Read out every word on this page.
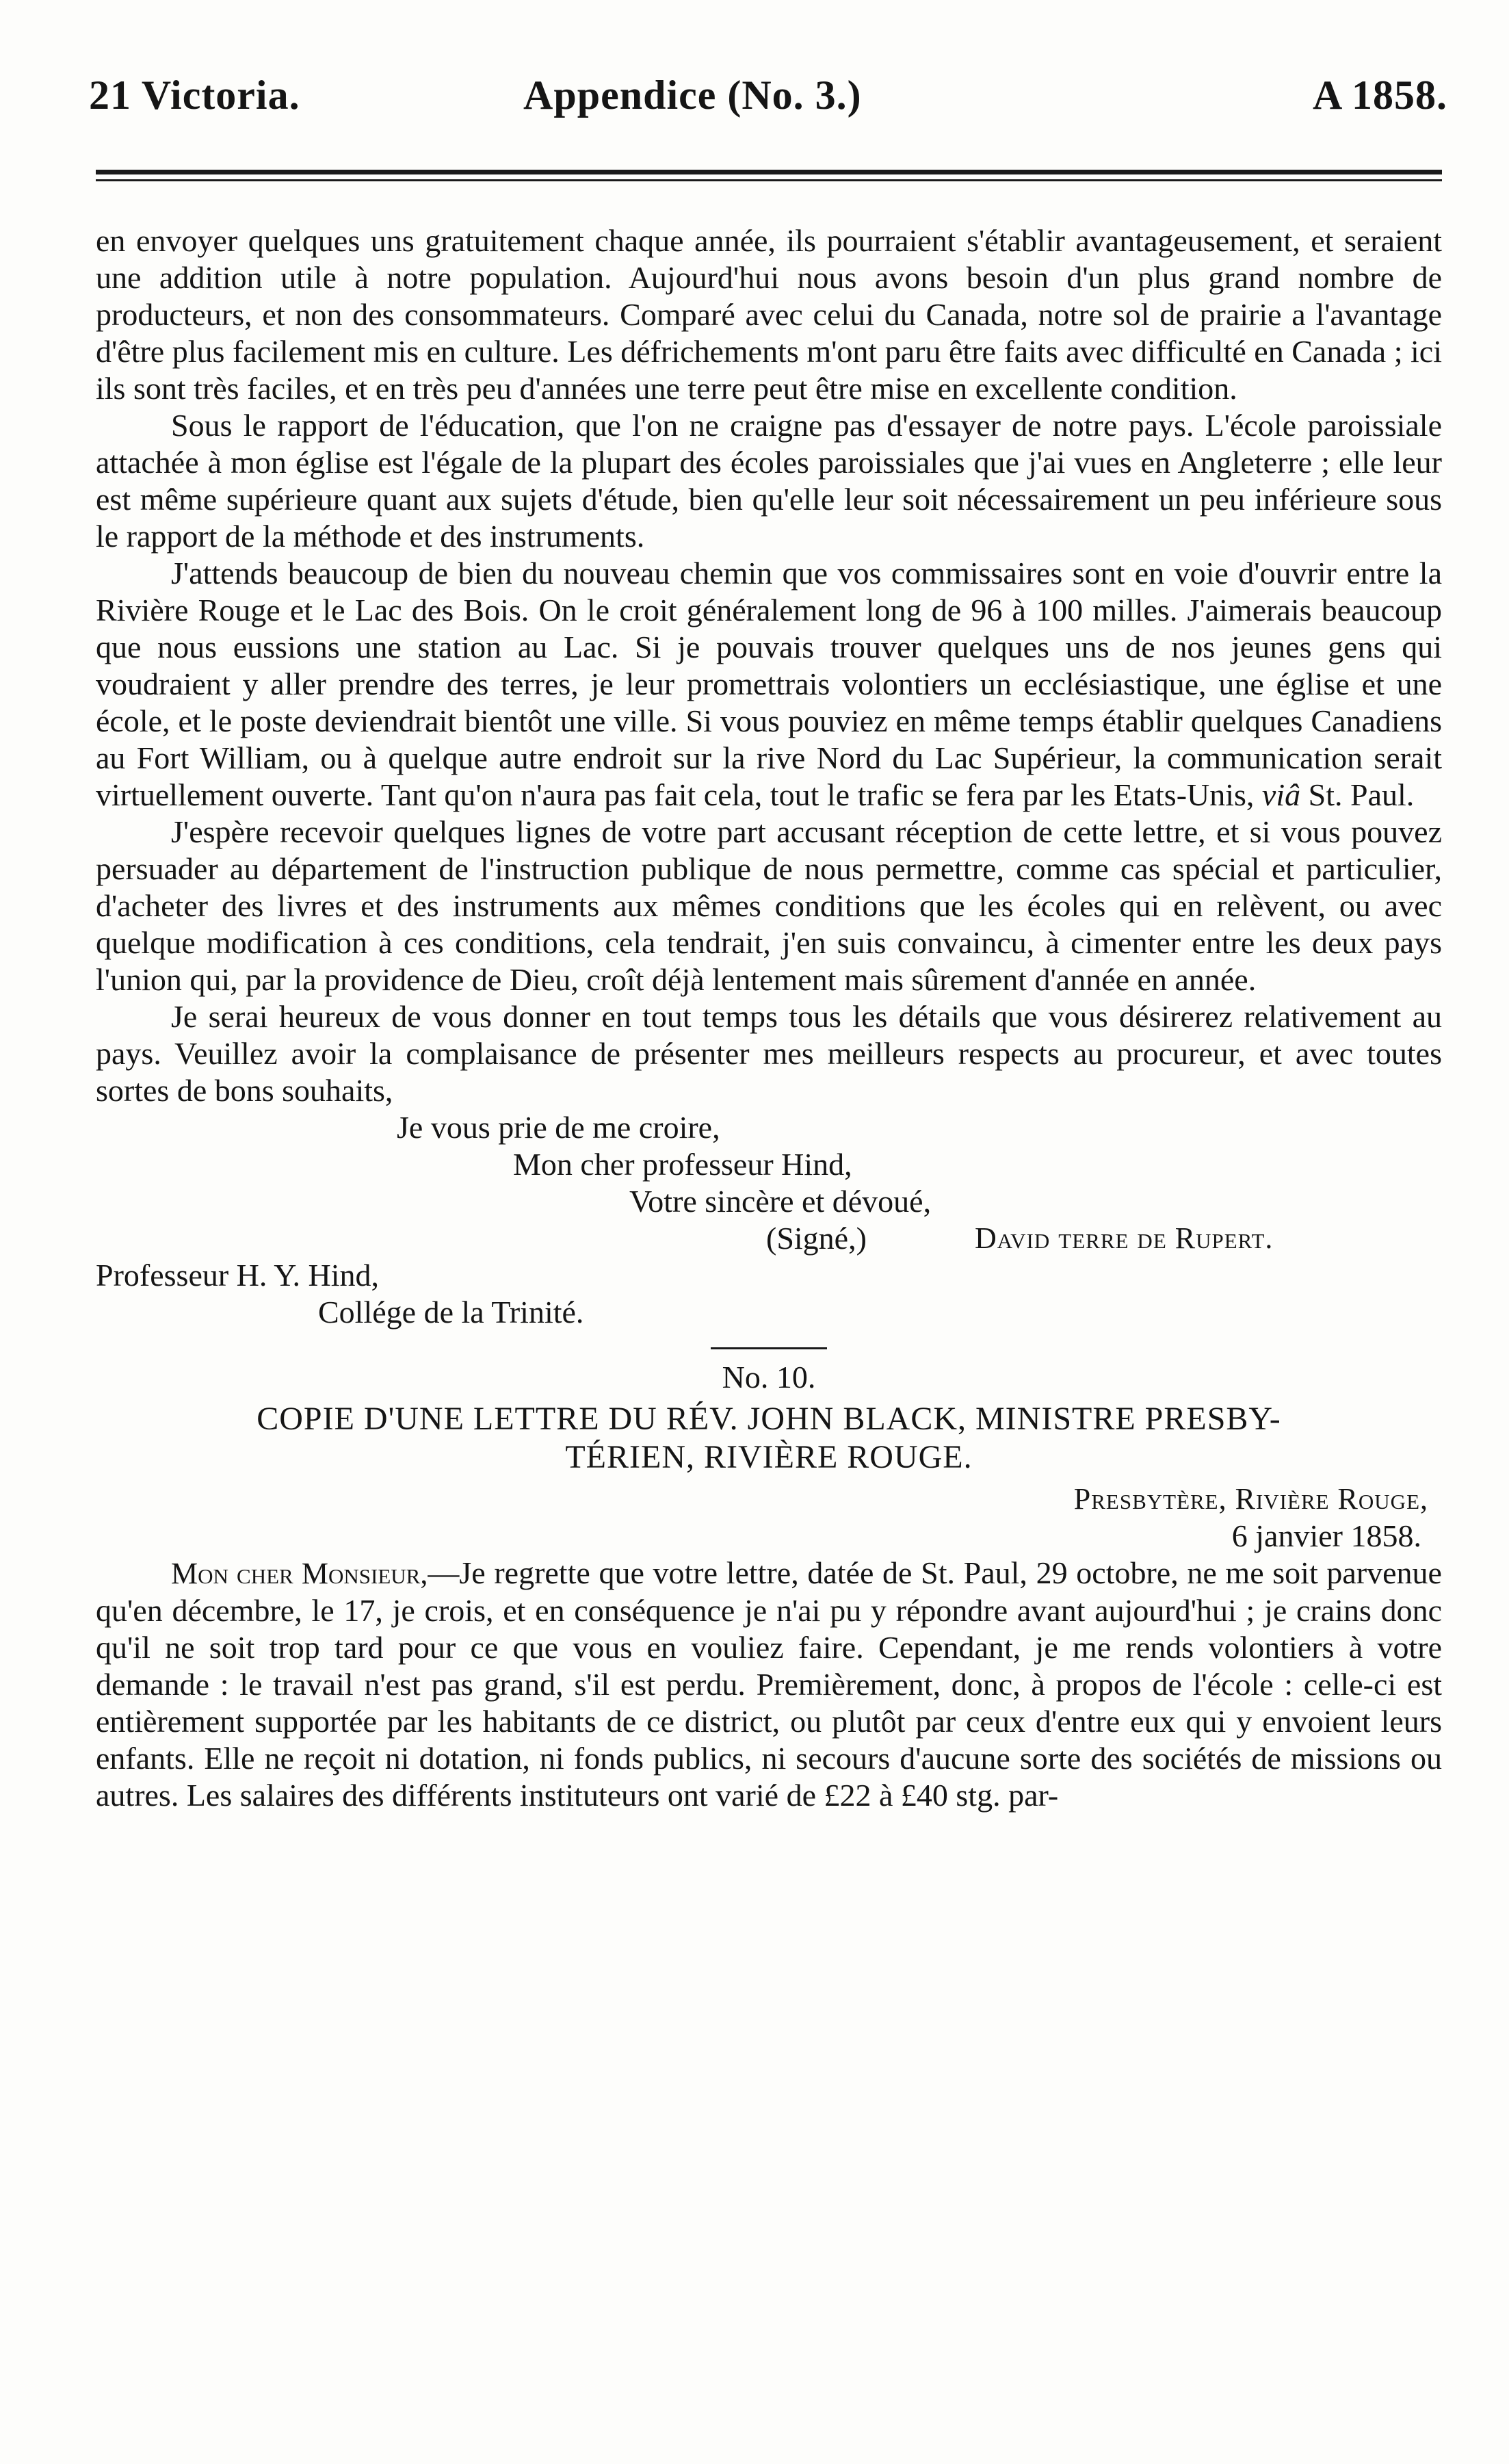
21 Victoria.	Appendice (No. 3.)	A 1858.

en envoyer quelques uns gratuitement chaque année, ils pourraient s'établir avantageusement, et seraient une addition utile à notre population. Aujourd'hui nous avons besoin d'un plus grand nombre de producteurs, et non des consommateurs. Comparé avec celui du Canada, notre sol de prairie a l'avantage d'être plus facilement mis en culture. Les défrichements m'ont paru être faits avec difficulté en Canada ; ici ils sont très faciles, et en très peu d'années une terre peut être mise en excellente condition.

Sous le rapport de l'éducation, que l'on ne craigne pas d'essayer de notre pays. L'école paroissiale attachée à mon église est l'égale de la plupart des écoles paroissiales que j'ai vues en Angleterre ; elle leur est même supérieure quant aux sujets d'étude, bien qu'elle leur soit nécessairement un peu inférieure sous le rapport de la méthode et des instruments.

J'attends beaucoup de bien du nouveau chemin que vos commissaires sont en voie d'ouvrir entre la Rivière Rouge et le Lac des Bois. On le croit généralement long de 96 à 100 milles. J'aimerais beaucoup que nous eussions une station au Lac. Si je pouvais trouver quelques uns de nos jeunes gens qui voudraient y aller prendre des terres, je leur promettrais volontiers un ecclésiastique, une église et une école, et le poste deviendrait bientôt une ville. Si vous pouviez en même temps établir quelques Canadiens au Fort William, ou à quelque autre endroit sur la rive Nord du Lac Supérieur, la communication serait virtuellement ouverte. Tant qu'on n'aura pas fait cela, tout le trafic se fera par les Etats-Unis, viâ St. Paul.

J'espère recevoir quelques lignes de votre part accusant réception de cette lettre, et si vous pouvez persuader au département de l'instruction publique de nous permettre, comme cas spécial et particulier, d'acheter des livres et des instruments aux mêmes conditions que les écoles qui en relèvent, ou avec quelque modification à ces conditions, cela tendrait, j'en suis convaincu, à cimenter entre les deux pays l'union qui, par la providence de Dieu, croît déjà lentement mais sûrement d'année en année.

Je serai heureux de vous donner en tout temps tous les détails que vous désirerez relativement au pays. Veuillez avoir la complaisance de présenter mes meilleurs respects au procureur, et avec toutes sortes de bons souhaits,

Je vous prie de me croire,
Mon cher professeur Hind,
Votre sincère et dévoué,
(Signé,)	David terre de Rupert.
Professeur H. Y. Hind,
Collége de la Trinité.
No. 10.
COPIE D'UNE LETTRE DU RÉV. JOHN BLACK, MINISTRE PRESBY-
TÉRIEN, RIVIÈRE ROUGE.
Presbytère, Rivière Rouge,
6 janvier 1858.

Mon cher Monsieur,—Je regrette que votre lettre, datée de St. Paul, 29 octobre, ne me soit parvenue qu'en décembre, le 17, je crois, et en conséquence je n'ai pu y répondre avant aujourd'hui ; je crains donc qu'il ne soit trop tard pour ce que vous en vouliez faire. Cependant, je me rends volontiers à votre demande : le travail n'est pas grand, s'il est perdu. Premièrement, donc, à propos de l'école : celle-ci est entièrement supportée par les habitants de ce district, ou plutôt par ceux d'entre eux qui y envoient leurs enfants. Elle ne reçoit ni dotation, ni fonds publics, ni secours d'aucune sorte des sociétés de missions ou autres. Les salaires des différents instituteurs ont varié de £22 à £40 stg. par-
